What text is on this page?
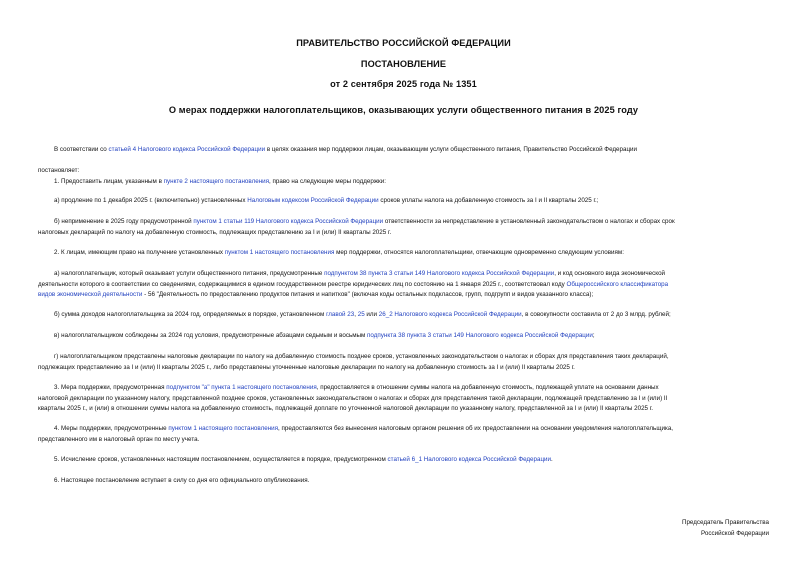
ПРАВИТЕЛЬСТВО РОССИЙСКОЙ ФЕДЕРАЦИИ
ПОСТАНОВЛЕНИЕ
от 2 сентября 2025 года № 1351
О мерах поддержки налогоплательщиков, оказывающих услуги общественного питания в 2025 году
В соответствии со статьей 4 Налогового кодекса Российской Федерации в целях оказания мер поддержки лицам, оказывающим услуги общественного питания, Правительство Российской Федерации
постановляет:
1. Предоставить лицам, указанным в пункте 2 настоящего постановления, право на следующие меры поддержки:
а) продление по 1 декабря 2025 г. (включительно) установленных Налоговым кодексом Российской Федерации сроков уплаты налога на добавленную стоимость за I и II кварталы 2025 г.;
б) неприменение в 2025 году предусмотренной пунктом 1 статьи 119 Налогового кодекса Российской Федерации ответственности за непредставление в установленный законодательством о налогах и сборах срок
налоговых деклараций по налогу на добавленную стоимость, подлежащих представлению за I и (или) II кварталы 2025 г.
2. К лицам, имеющим право на получение установленных пунктом 1 настоящего постановления мер поддержки, относятся налогоплательщики, отвечающие одновременно следующим условиям:
а) налогоплательщик, который оказывает услуги общественного питания, предусмотренные подпунктом 38 пункта 3 статьи 149 Налогового кодекса Российской Федерации, и код основного вида экономической
деятельности которого в соответствии со сведениями, содержащимися в едином государственном реестре юридических лиц по состоянию на 1 января 2025 г., соответствовал коду Общероссийского классификатора
видов экономической деятельности - 56 "Деятельность по предоставлению продуктов питания и напитков" (включая коды остальных подклассов, групп, подгрупп и видов указанного класса);
б) сумма доходов налогоплательщика за 2024 год, определяемых в порядке, установленном главой 23, 25 или 26_2 Налогового кодекса Российской Федерации, в совокупности составила от 2 до 3 млрд. рублей;
в) налогоплательщиком соблюдены за 2024 год условия, предусмотренные абзацами седьмым и восьмым подпункта 38 пункта 3 статьи 149 Налогового кодекса Российской Федерации;
г) налогоплательщиком представлены налоговые декларации по налогу на добавленную стоимость позднее сроков, установленных законодательством о налогах и сборах для представления таких деклараций,
подлежащих представлению за I и (или) II кварталы 2025 г., либо представлены уточненные налоговые декларации по налогу на добавленную стоимость за I и (или) II кварталы 2025 г.
3. Мера поддержки, предусмотренная подпунктом "а" пункта 1 настоящего постановления, предоставляется в отношении суммы налога на добавленную стоимость, подлежащей уплате на основании данных
налоговой декларации по указанному налогу, представленной позднее сроков, установленных законодательством о налогах и сборах для представления такой декларации, подлежащей представлению за I и (или) II
кварталы 2025 г., и (или) в отношении суммы налога на добавленную стоимость, подлежащей доплате по уточненной налоговой декларации по указанному налогу, представленной за I и (или) II кварталы 2025 г.
4. Меры поддержки, предусмотренные пунктом 1 настоящего постановления, предоставляются без вынесения налоговым органом решения об их предоставлении на основании уведомления налогоплательщика,
представленного им в налоговый орган по месту учета.
5. Исчисление сроков, установленных настоящим постановлением, осуществляется в порядке, предусмотренном статьей 6_1 Налогового кодекса Российской Федерации.
6. Настоящее постановление вступает в силу со дня его официального опубликования.
Председатель Правительства
Российской Федерации
